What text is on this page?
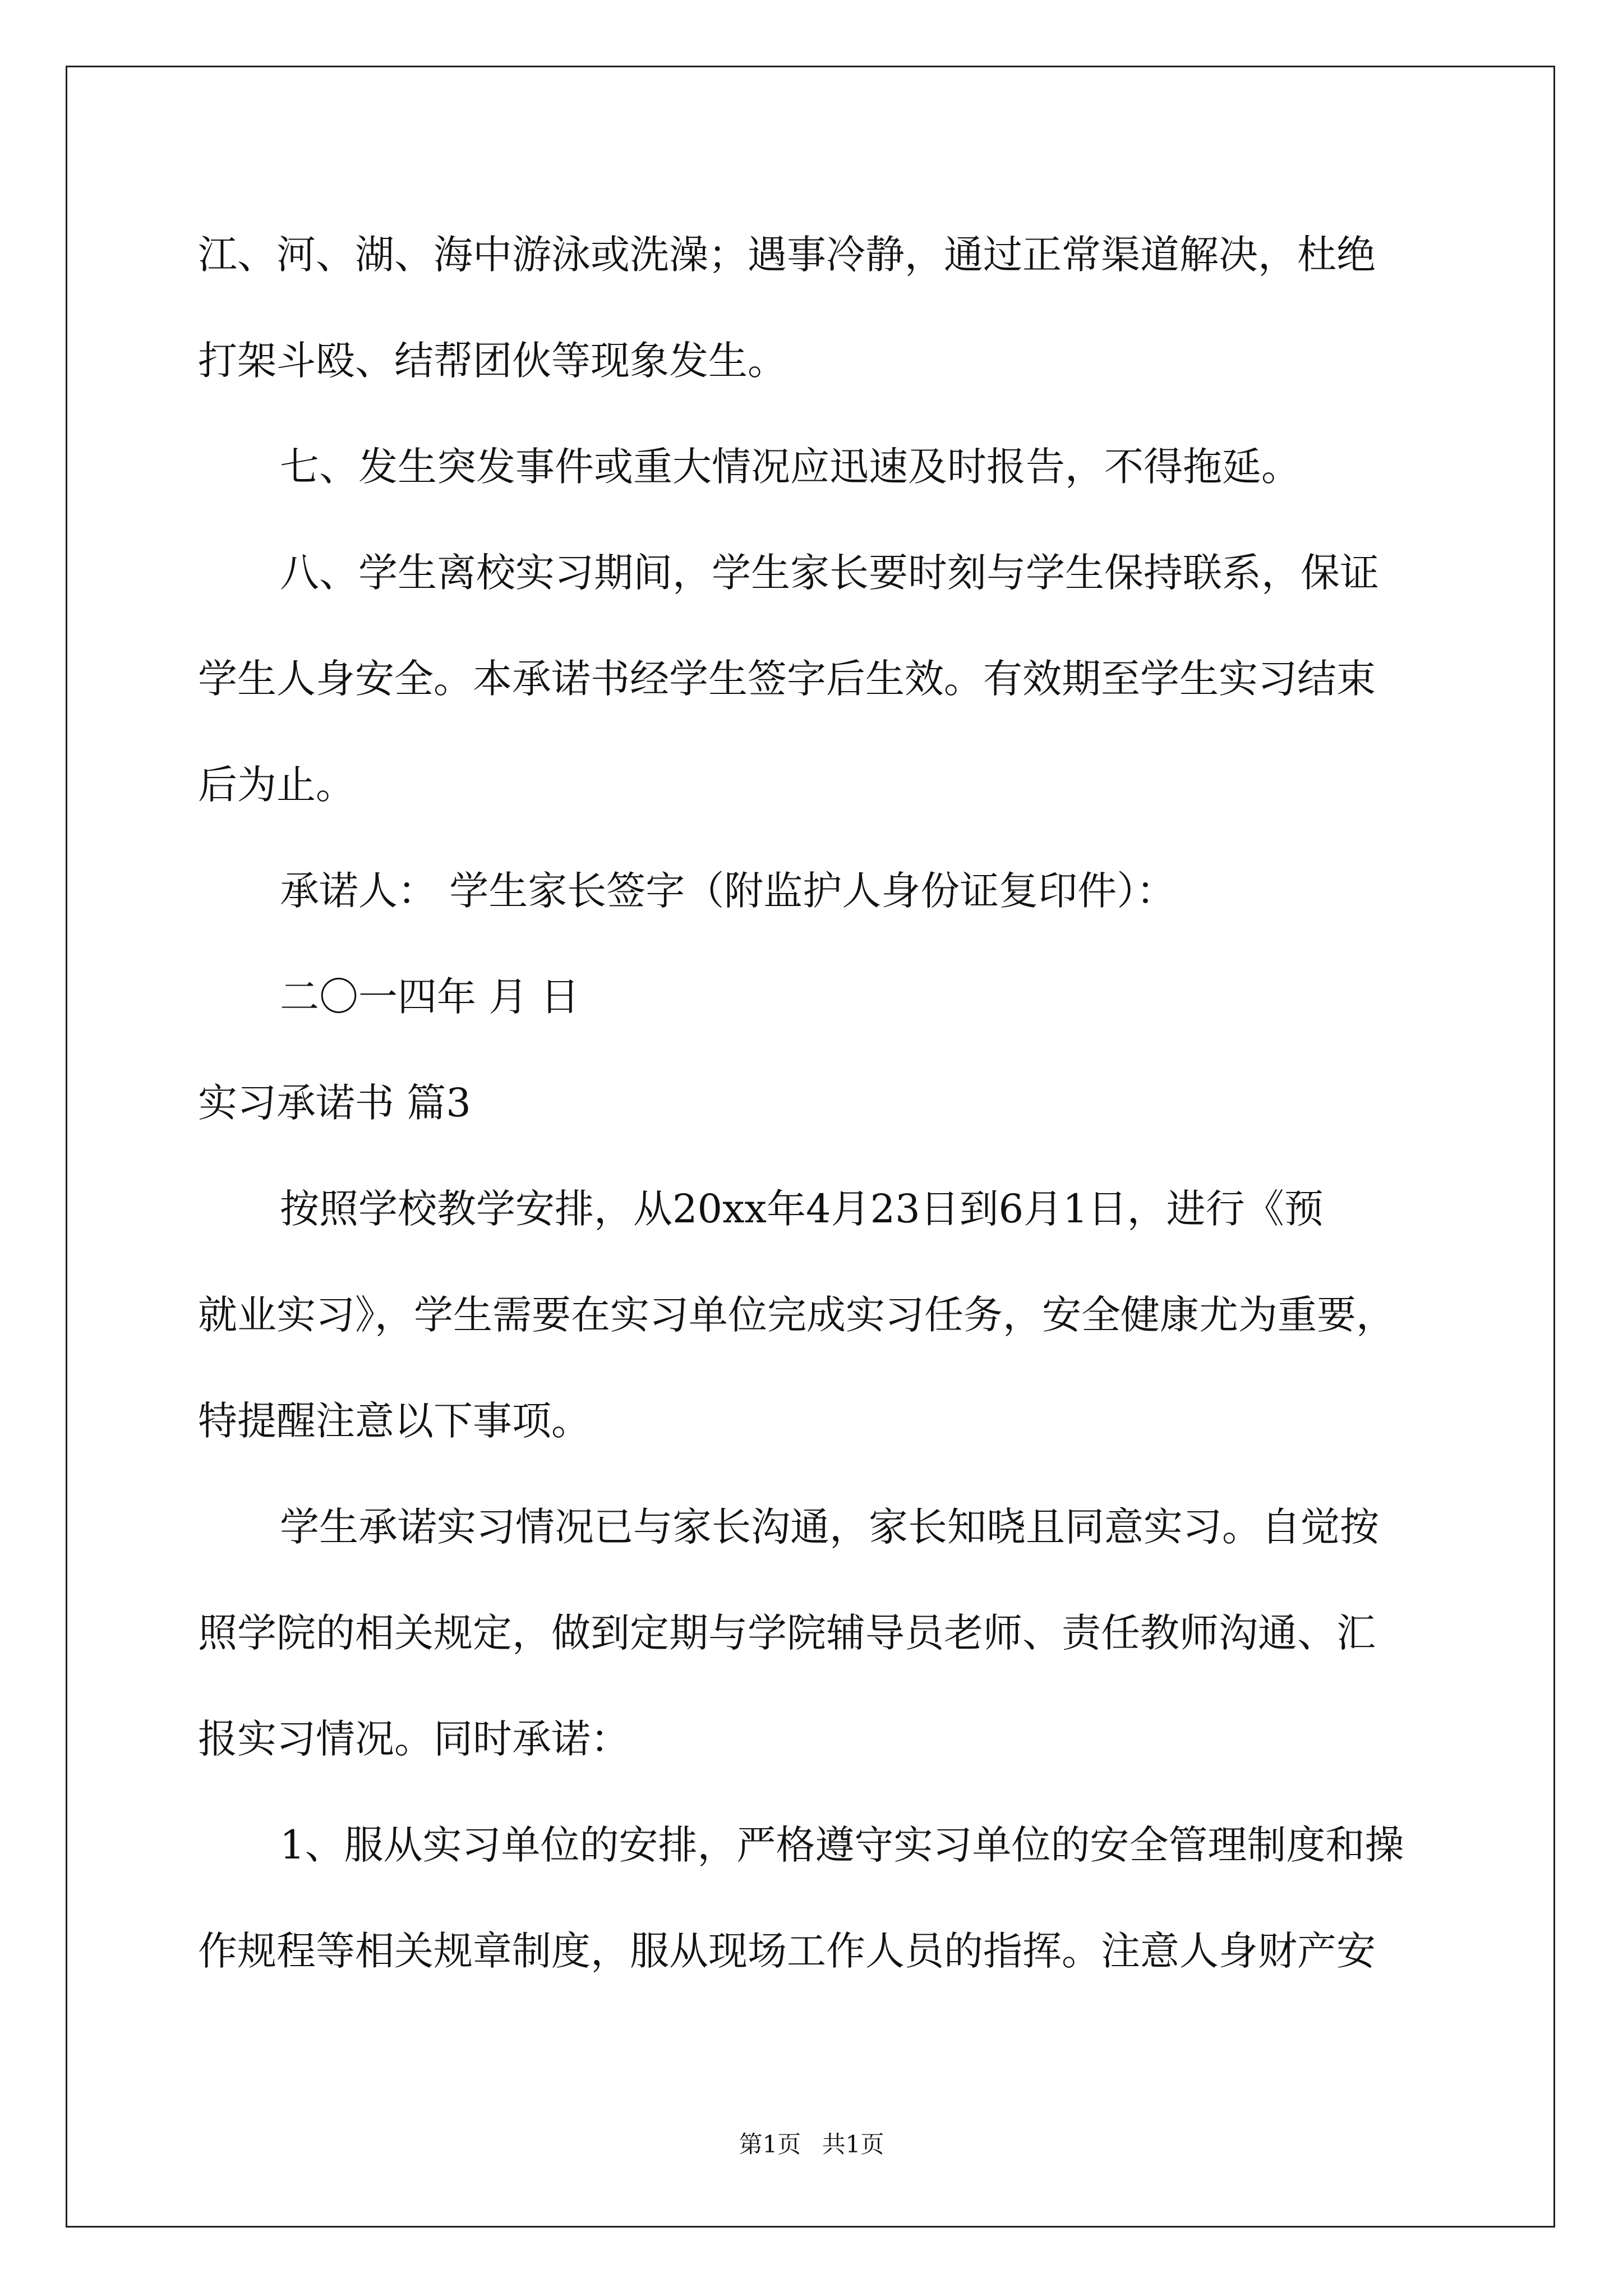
江、河、湖、海中游泳或洗澡；遇事冷静，通过正常渠道解决，杜绝
打架斗殴、结帮团伙等现象发生。
七、发生突发事件或重大情况应迅速及时报告，不得拖延。
八、学生离校实习期间，学生家长要时刻与学生保持联系，保证
学生人身安全。本承诺书经学生签字后生效。有效期至学生实习结束
后为止。
承诺人： 学生家长签字（附监护人身份证复印件）：
二〇一四年 月 日
实习承诺书 篇3
按照学校教学安排，从20xx年4月23日到6月1日，进行《预
就业实习》，学生需要在实习单位完成实习任务，安全健康尤为重要，
特提醒注意以下事项。
学生承诺实习情况已与家长沟通，家长知晓且同意实习。自觉按
照学院的相关规定，做到定期与学院辅导员老师、责任教师沟通、汇
报实习情况。同时承诺：
1、服从实习单位的安排，严格遵守实习单位的安全管理制度和操
作规程等相关规章制度，服从现场工作人员的指挥。注意人身财产安
第1页 共1页
